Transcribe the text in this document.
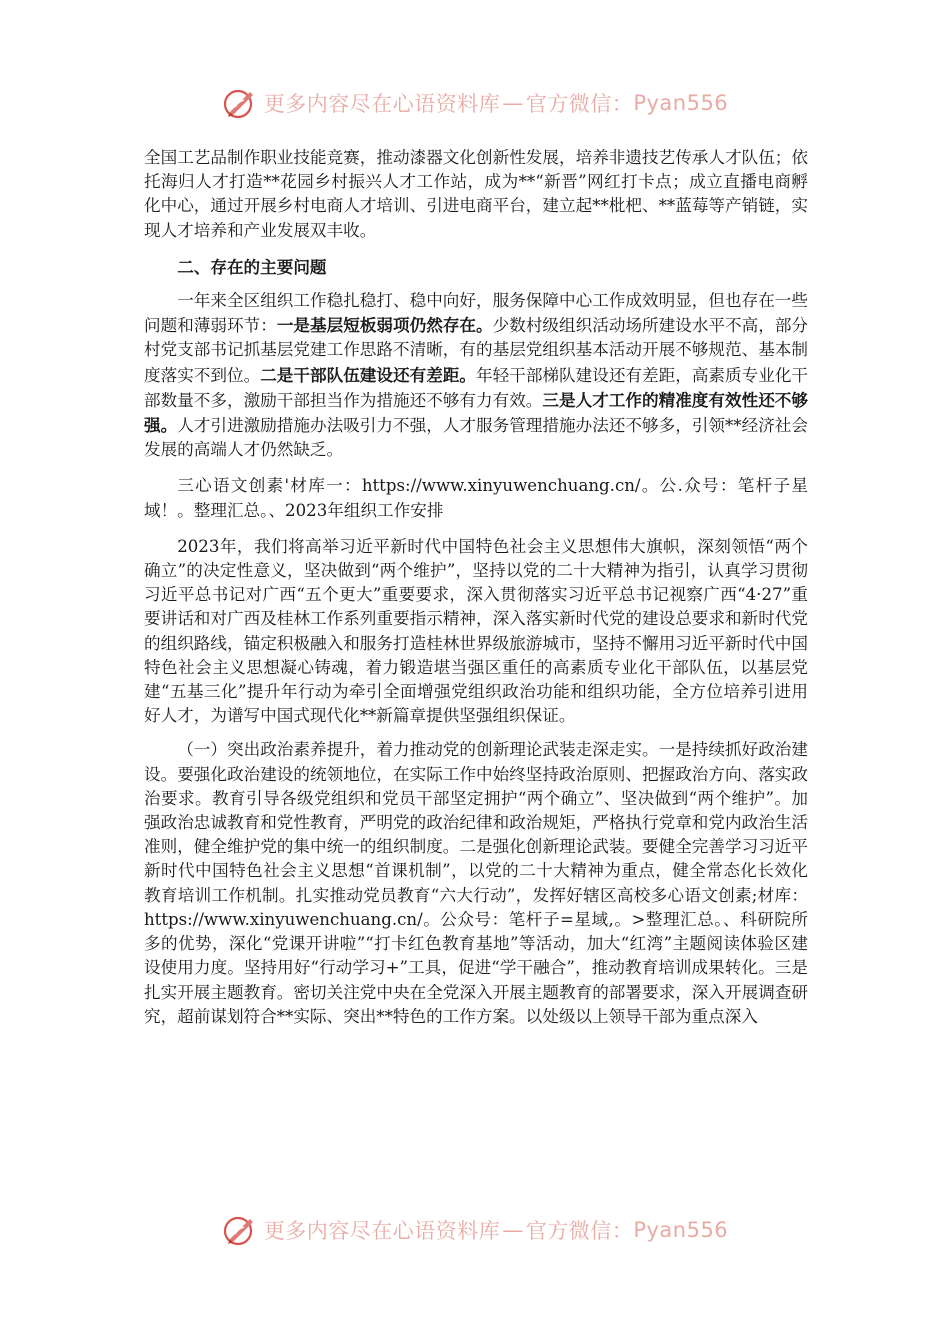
更多内容尽在心语资料库 — 官方微信： Pyan556

全国工艺品制作职业技能竞赛，推动漆器文化创新性发展，培养非遗技艺传承人才队伍；依托海归人才打造**花园乡村振兴人才工作站，成为**“新晋”网红打卡点；成立直播电商孵化中心，通过开展乡村电商人才培训、引进电商平台，建立起**枇杷、**蓝莓等产销链，实现人才培养和产业发展双丰收。

二、存在的主要问题

一年来全区组织工作稳扎稳打、稳中向好，服务保障中心工作成效明显，但也存在一些问题和薄弱环节：一是基层短板弱项仍然存在。少数村级组织活动场所建设水平不高，部分村党支部书记抓基层党建工作思路不清晰，有的基层党组织基本活动开展不够规范、基本制度落实不到位。二是干部队伍建设还有差距。年轻干部梯队建设还有差距，高素质专业化干部数量不多，激励干部担当作为措施还不够有力有效。三是人才工作的精准度有效性还不够强。人才引进激励措施办法吸引力不强，人才服务管理措施办法还不够多，引领**经济社会发展的高端人才仍然缺乏。

三心语文创素'材库一：https://www.xinyuwenchuang.cn/。公.众号：笔杆子星域！。整理汇总。、2023年组织工作安排

2023年，我们将高举习近平新时代中国特色社会主义思想伟大旗帜，深刻领悟“两个确立”的决定性意义，坚决做到“两个维护”，坚持以党的二十大精神为指引，认真学习贯彻习近平总书记对广西“五个更大”重要要求，深入贯彻落实习近平总书记视察广西“4·27”重要讲话和对广西及桂林工作系列重要指示精神，深入落实新时代党的建设总要求和新时代党的组织路线，锚定积极融入和服务打造桂林世界级旅游城市，坚持不懈用习近平新时代中国特色社会主义思想凝心铸魂，着力锻造堪当强区重任的高素质专业化干部队伍，以基层党建“五基三化”提升年行动为牵引全面增强党组织政治功能和组织功能，全方位培养引进用好人才，为谱写中国式现代化**新篇章提供坚强组织保证。

（一）突出政治素养提升，着力推动党的创新理论武装走深走实。一是持续抓好政治建设。要强化政治建设的统领地位，在实际工作中始终坚持政治原则、把握政治方向、落实政治要求。教育引导各级党组织和党员干部坚定拥护“两个确立”、坚决做到“两个维护”。加强政治忠诚教育和党性教育，严明党的政治纪律和政治规矩，严格执行党章和党内政治生活准则，健全维护党的集中统一的组织制度。二是强化创新理论武装。要健全完善学习习近平新时代中国特色社会主义思想“首课机制”，以党的二十大精神为重点，健全常态化长效化教育培训工作机制。扎实推动党员教育“六大行动”，发挥好辖区高校多心语文创素;材库：https://www.xinyuwenchuang.cn/。公众号：笔杆子=星域,。>整理汇总。、科研院所多的优势，深化“党课开讲啦”“打卡红色教育基地”等活动，加大“红湾”主题阅读体验区建设使用力度。坚持用好“行动学习+”工具，促进“学干融合”，推动教育培训成果转化。三是扎实开展主题教育。密切关注党中央在全党深入开展主题教育的部署要求，深入开展调查研究，超前谋划符合**实际、突出**特色的工作方案。以处级以上领导干部为重点深入

更多内容尽在心语资料库 — 官方微信： Pyan556
